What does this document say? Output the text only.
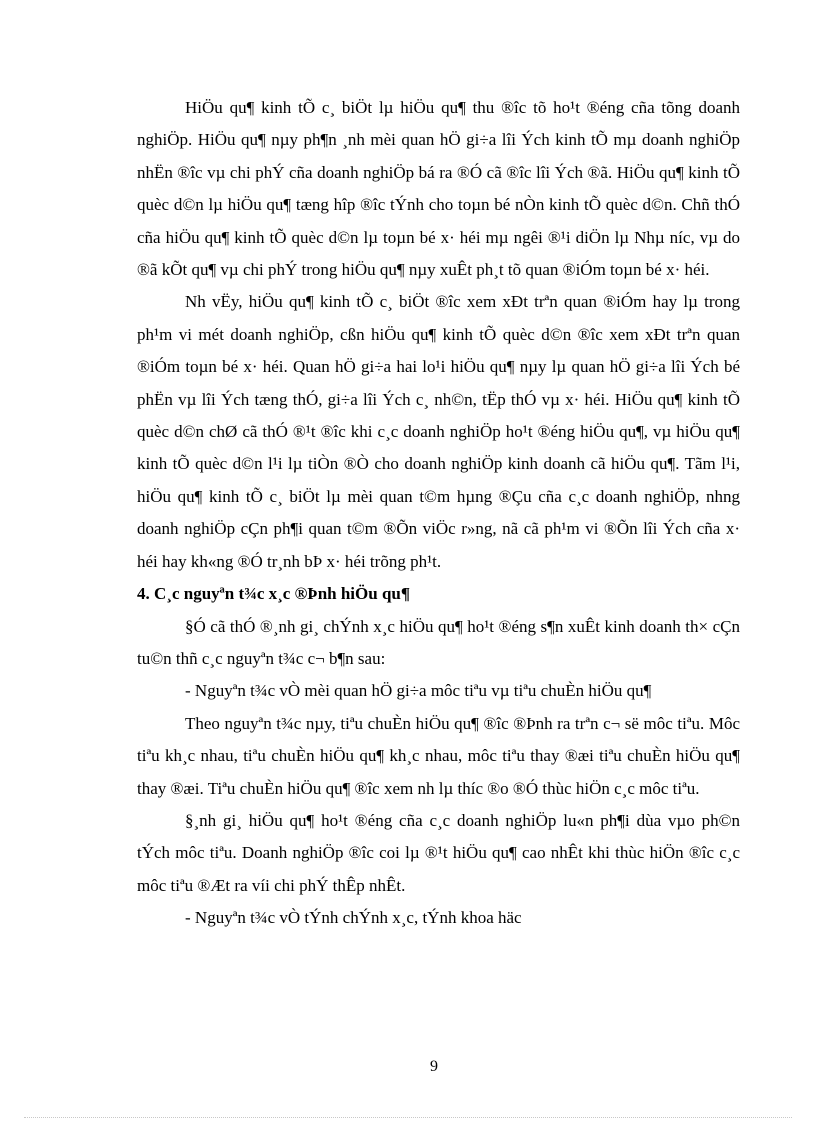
HiÖu qu¶ kinh tÕ c¸ biÖt lµ hiÖu qu¶ thu ®îc tõ ho¹t ®éng cña tõng doanh nghiÖp. HiÖu qu¶ nµy ph¶n ¸nh mèi quan hÖ gi÷a lîi Ých kinh tÕ mµ doanh nghiÖp nhËn ®îc vµ chi phÝ cña doanh nghiÖp bá ra ®Ó cã ®îc lîi Ých ®ã. HiÖu qu¶ kinh tÕ quèc d©n lµ hiÖu qu¶ tæng hîp ®îc tÝnh cho toµn bé nÒn kinh tÕ quèc d©n. Chñ thÓ cña hiÖu qu¶ kinh tÕ quèc d©n lµ toµn bé x· héi mµ ngêi ®¹i diÖn lµ Nhµ níc, vµ do ®ã kÕt qu¶ vµ chi phÝ trong hiÖu qu¶ nµy xuÊt ph¸t tõ quan ®iÓm toµn bé x· héi.

Nh vËy, hiÖu qu¶ kinh tÕ c¸ biÖt ®îc xem xÐt trªn quan ®iÓm hay lµ trong ph¹m vi mét doanh nghiÖp, cßn hiÖu qu¶ kinh tÕ quèc d©n ®îc xem xÐt trªn quan ®iÓm toµn bé x· héi. Quan hÖ gi÷a hai lo¹i hiÖu qu¶ nµy lµ quan hÖ gi÷a lîi Ých bé phËn vµ lîi Ých tæng thÓ, gi÷a lîi Ých c¸ nh©n, tËp thÓ vµ x· héi. HiÖu qu¶ kinh tÕ quèc d©n chØ cã thÓ ®¹t ®îc khi c¸c doanh nghiÖp ho¹t ®éng hiÖu qu¶, vµ hiÖu qu¶ kinh tÕ quèc d©n l¹i lµ tiÒn ®Ò cho doanh nghiÖp kinh doanh cã hiÖu qu¶. Tãm l¹i, hiÖu qu¶ kinh tÕ c¸ biÖt lµ mèi quan t©m hµng ®Çu cña c¸c doanh nghiÖp, nhng doanh nghiÖp cÇn ph¶i quan t©m ®Õn viÖc r»ng, nã cã ph¹m vi ®Õn lîi Ých cña x· héi hay kh«ng ®Ó tr¸nh bÞ x· héi trõng ph¹t.

4. C¸c nguyªn t¾c x¸c ®Þnh hiÖu qu¶

§Ó cã thÓ ®¸nh gi¸ chÝnh x¸c hiÖu qu¶ ho¹t ®éng s¶n xuÊt kinh doanh th× cÇn tu©n thñ c¸c nguyªn t¾c c¬ b¶n sau:

- Nguyªn t¾c vÒ mèi quan hÖ gi÷a môc tiªu vµ tiªu chuÈn hiÖu qu¶

Theo nguyªn t¾c nµy, tiªu chuÈn hiÖu qu¶ ®îc ®Þnh ra trªn c¬ së môc tiªu. Môc tiªu kh¸c nhau, tiªu chuÈn hiÖu qu¶ kh¸c nhau, môc tiªu thay ®æi tiªu chuÈn hiÖu qu¶ thay ®æi. Tiªu chuÈn hiÖu qu¶ ®îc xem nh lµ thíc ®o ®Ó thùc hiÖn c¸c môc tiªu.

§¸nh gi¸ hiÖu qu¶ ho¹t ®éng cña c¸c doanh nghiÖp lu«n ph¶i dùa vµo ph©n tÝch môc tiªu. Doanh nghiÖp ®îc coi lµ ®¹t hiÖu qu¶ cao nhÊt khi thùc hiÖn ®îc c¸c môc tiªu ®Æt ra víi chi phÝ thÊp nhÊt.

- Nguyªn t¾c vÒ tÝnh chÝnh x¸c, tÝnh khoa häc

9
